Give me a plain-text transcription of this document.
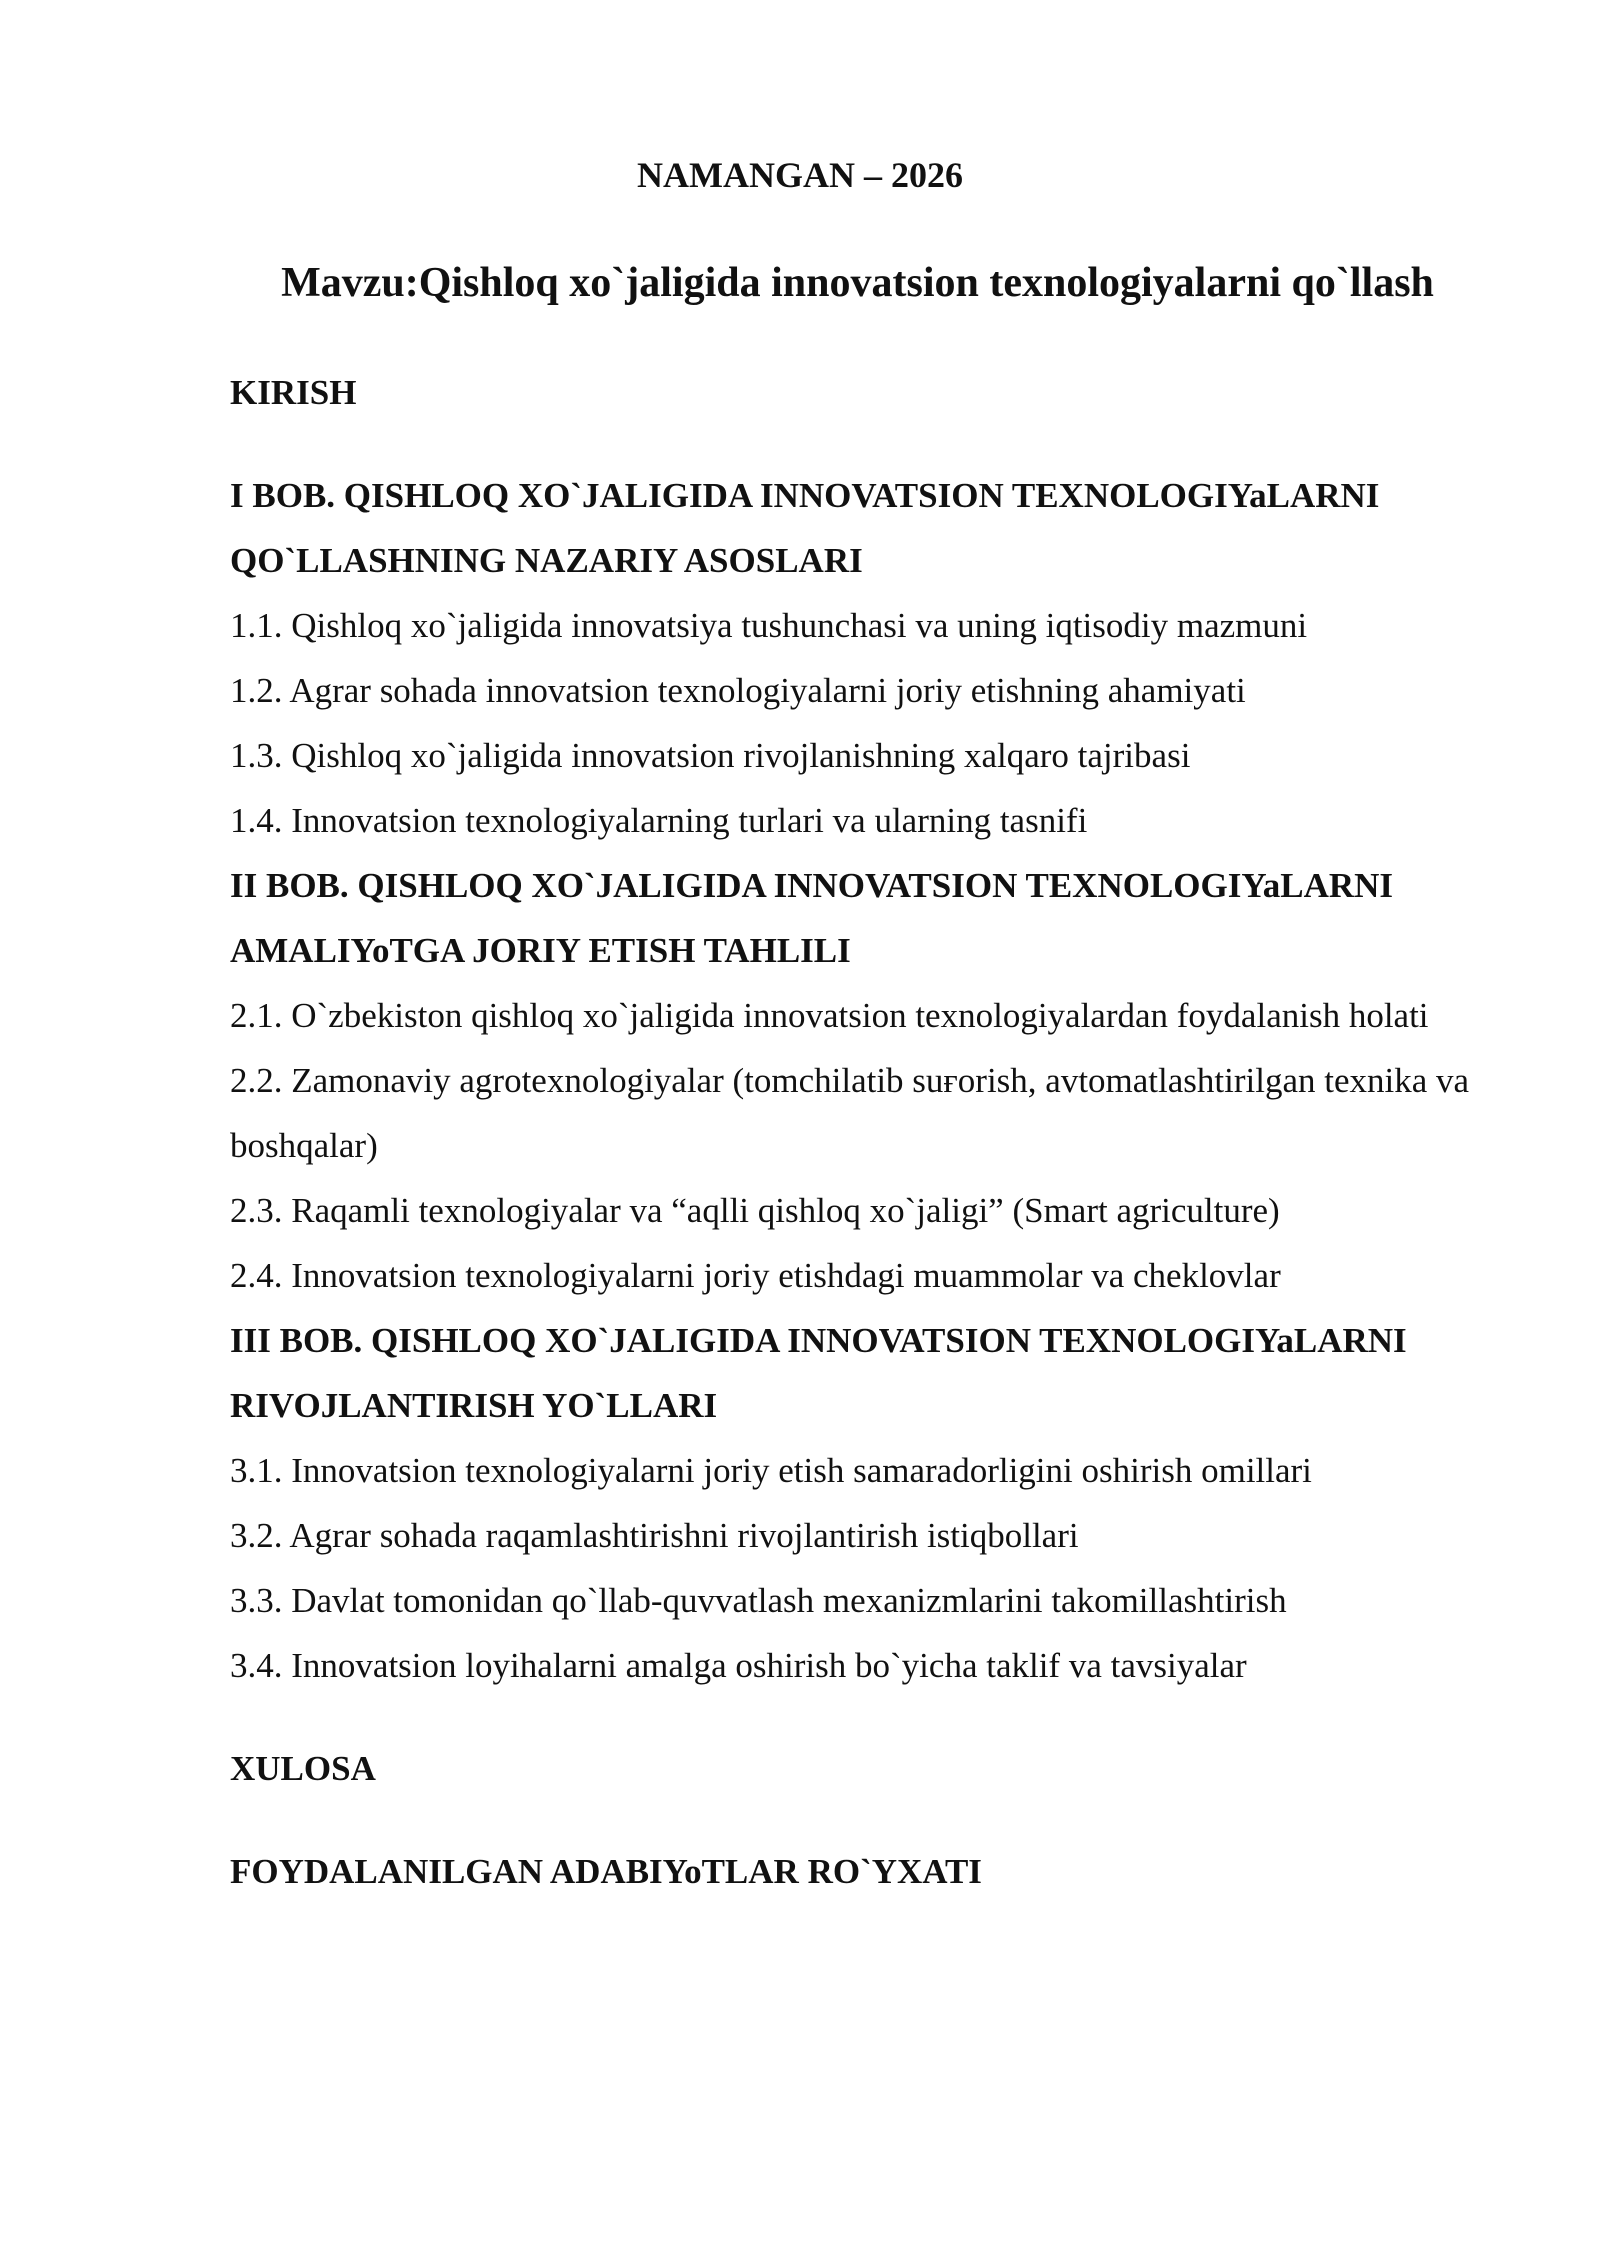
NAMANGAN – 2026
Mavzu:Qishloq xo`jaligida innovatsion texnologiyalarni qo`llash

KIRISH

I BOB. QISHLOQ XO`JALIGIDA INNOVATSION TEXNOLOGIYaLARNI QO`LLASHNING NAZARIY ASOSLARI

1.1. Qishloq xo`jaligida innovatsiya tushunchasi va uning iqtisodiy mazmuni

1.2. Agrar sohada innovatsion texnologiyalarni joriy etishning ahamiyati

1.3. Qishloq xo`jaligida innovatsion rivojlanishning xalqaro tajribasi

1.4. Innovatsion texnologiyalarning turlari va ularning tasnifi

II BOB. QISHLOQ XO`JALIGIDA INNOVATSION TEXNOLOGIYaLARNI AMALIYoTGA JORIY ETISH TAHLILI

2.1. O`zbekiston qishloq xo`jaligida innovatsion texnologiyalardan foydalanish holati

2.2. Zamonaviy agrotexnologiyalar (tomchilatib suғorish, avtomatlashtirilgan texnika va boshqalar)

2.3. Raqamli texnologiyalar va “aqlli qishloq xo`jaligi” (Smart agriculture)

2.4. Innovatsion texnologiyalarni joriy etishdagi muammolar va cheklovlar

III BOB. QISHLOQ XO`JALIGIDA INNOVATSION TEXNOLOGIYaLARNI RIVOJLANTIRISH YO`LLARI

3.1. Innovatsion texnologiyalarni joriy etish samaradorligini oshirish omillari

3.2. Agrar sohada raqamlashtirishni rivojlantirish istiqbollari

3.3. Davlat tomonidan qo`llab-quvvatlash mexanizmlarini takomillashtirish

3.4. Innovatsion loyihalarni amalga oshirish bo`yicha taklif va tavsiyalar

XULOSA

FOYDALANILGAN ADABIYoTLAR RO`YXATI
